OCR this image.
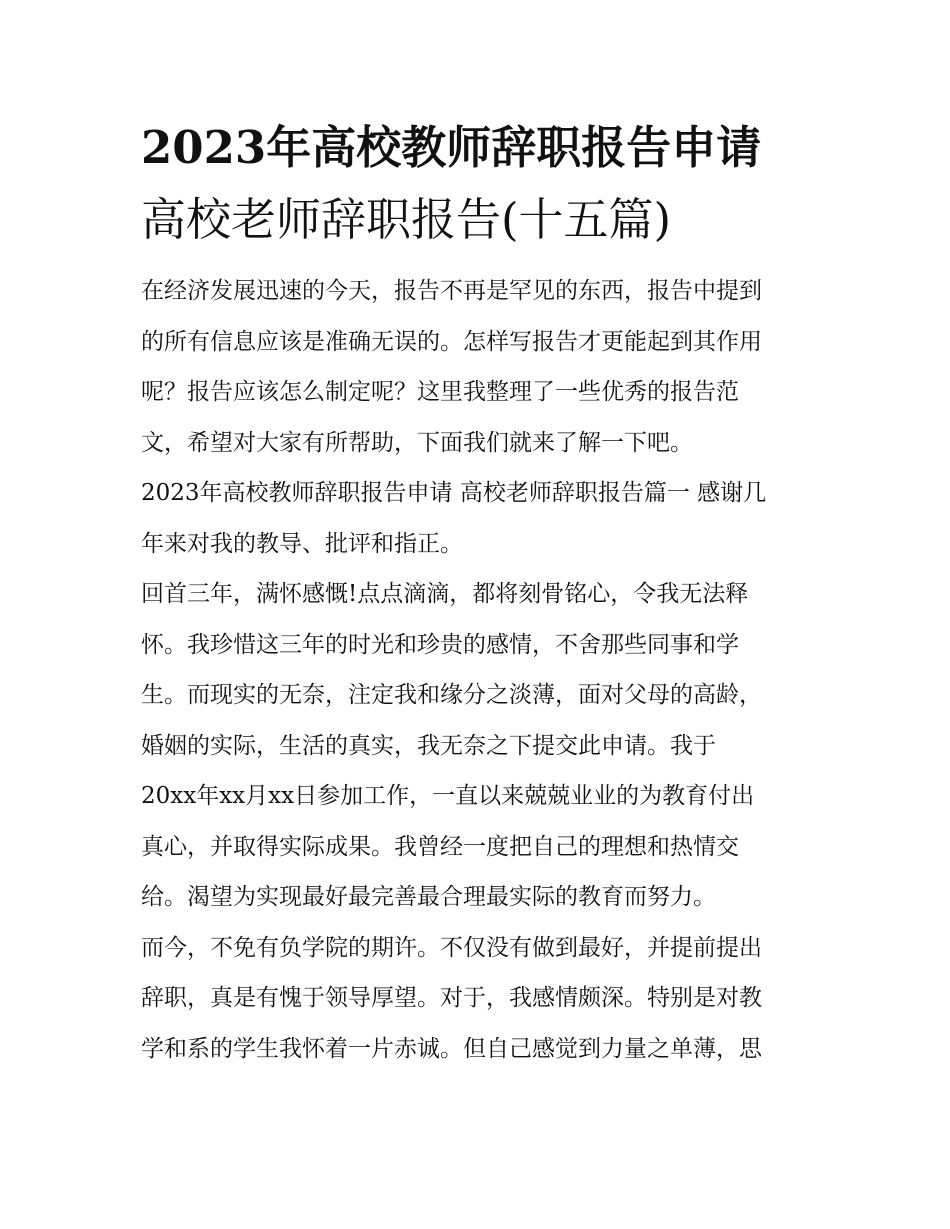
2023年高校教师辞职报告申请
高校老师辞职报告(十五篇)

在经济发展迅速的今天，报告不再是罕见的东西，报告中提到
的所有信息应该是准确无误的。怎样写报告才更能起到其作用
呢？报告应该怎么制定呢？这里我整理了一些优秀的报告范
文，希望对大家有所帮助，下面我们就来了解一下吧。

2023年高校教师辞职报告申请 高校老师辞职报告篇一 感谢几
年来对我的教导、批评和指正。

回首三年，满怀感慨!点点滴滴，都将刻骨铭心，令我无法释
怀。我珍惜这三年的时光和珍贵的感情，不舍那些同事和学
生。而现实的无奈，注定我和缘分之淡薄，面对父母的高龄，
婚姻的实际，生活的真实，我无奈之下提交此申请。我于
20xx年xx月xx日参加工作，一直以来兢兢业业的为教育付出
真心，并取得实际成果。我曾经一度把自己的理想和热情交
给。渴望为实现最好最完善最合理最实际的教育而努力。

而今，不免有负学院的期许。不仅没有做到最好，并提前提出
辞职，真是有愧于领导厚望。对于，我感情颇深。特别是对教
学和系的学生我怀着一片赤诚。但自己感觉到力量之单薄，思
